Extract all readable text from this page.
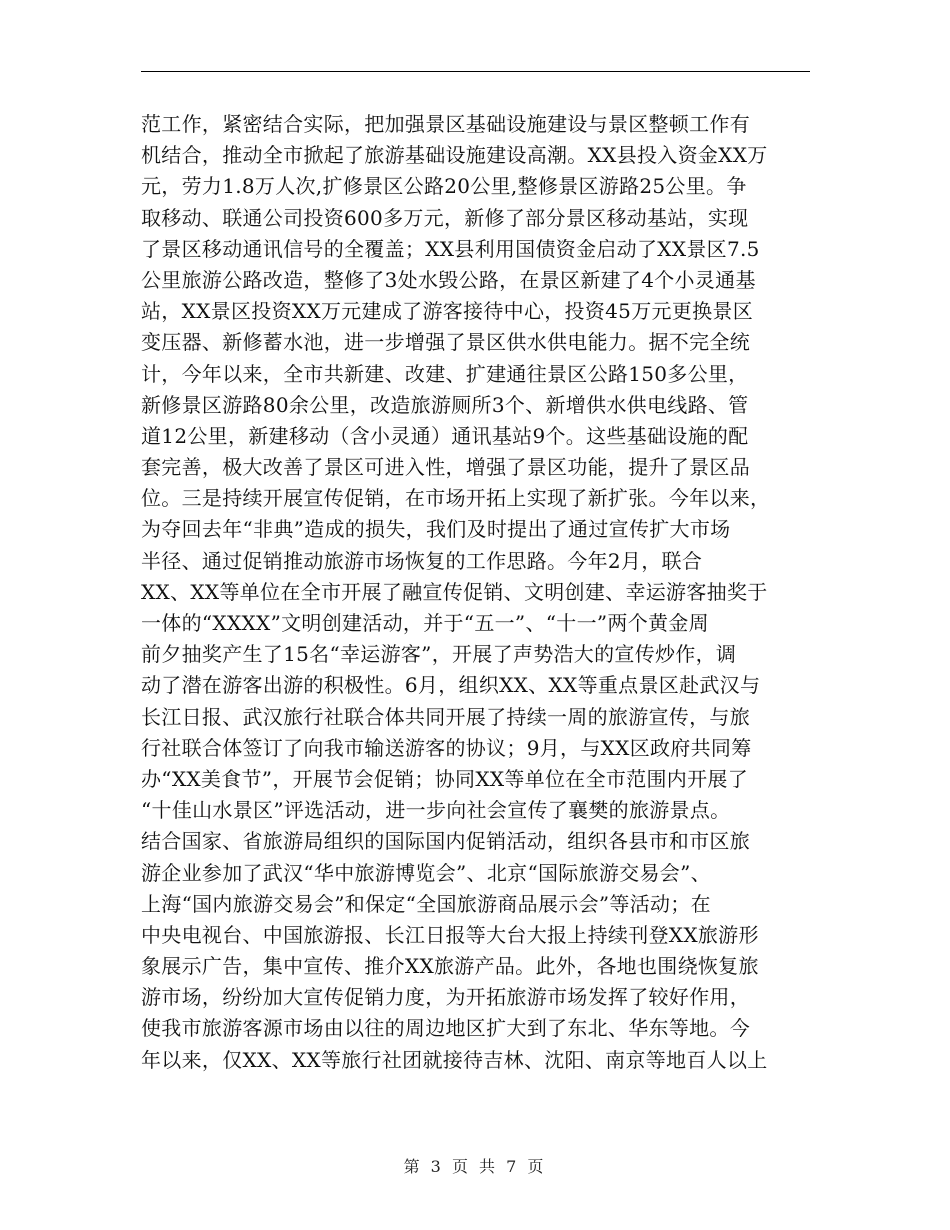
范工作，紧密结合实际，把加强景区基础设施建设与景区整顿工作有
机结合，推动全市掀起了旅游基础设施建设高潮。XX县投入资金XX万
元，劳力1.8万人次,扩修景区公路20公里,整修景区游路25公里。争
取移动、联通公司投资600多万元，新修了部分景区移动基站，实现
了景区移动通讯信号的全覆盖；XX县利用国债资金启动了XX景区7.5
公里旅游公路改造，整修了3处水毁公路，在景区新建了4个小灵通基
站，XX景区投资XX万元建成了游客接待中心，投资45万元更换景区
变压器、新修蓄水池，进一步增强了景区供水供电能力。据不完全统
计，今年以来，全市共新建、改建、扩建通往景区公路150多公里，
新修景区游路80余公里，改造旅游厕所3个、新增供水供电线路、管
道12公里，新建移动（含小灵通）通讯基站9个。这些基础设施的配
套完善，极大改善了景区可进入性，增强了景区功能，提升了景区品
位。三是持续开展宣传促销，在市场开拓上实现了新扩张。今年以来，
为夺回去年“非典”造成的损失，我们及时提出了通过宣传扩大市场
半径、通过促销推动旅游市场恢复的工作思路。今年2月，联合
XX、XX等单位在全市开展了融宣传促销、文明创建、幸运游客抽奖于
一体的“XXXX”文明创建活动，并于“五一”、“十一”两个黄金周
前夕抽奖产生了15名“幸运游客”，开展了声势浩大的宣传炒作，调
动了潜在游客出游的积极性。6月，组织XX、XX等重点景区赴武汉与
长江日报、武汉旅行社联合体共同开展了持续一周的旅游宣传，与旅
行社联合体签订了向我市输送游客的协议；9月，与XX区政府共同筹
办“XX美食节”，开展节会促销；协同XX等单位在全市范围内开展了
“十佳山水景区”评选活动，进一步向社会宣传了襄樊的旅游景点。
结合国家、省旅游局组织的国际国内促销活动，组织各县市和市区旅
游企业参加了武汉“华中旅游博览会”、北京“国际旅游交易会”、
上海“国内旅游交易会”和保定“全国旅游商品展示会”等活动；在
中央电视台、中国旅游报、长江日报等大台大报上持续刊登XX旅游形
象展示广告，集中宣传、推介XX旅游产品。此外，各地也围绕恢复旅
游市场，纷纷加大宣传促销力度，为开拓旅游市场发挥了较好作用，
使我市旅游客源市场由以往的周边地区扩大到了东北、华东等地。今
年以来，仅XX、XX等旅行社团就接待吉林、沈阳、南京等地百人以上
第 3 页 共 7 页
